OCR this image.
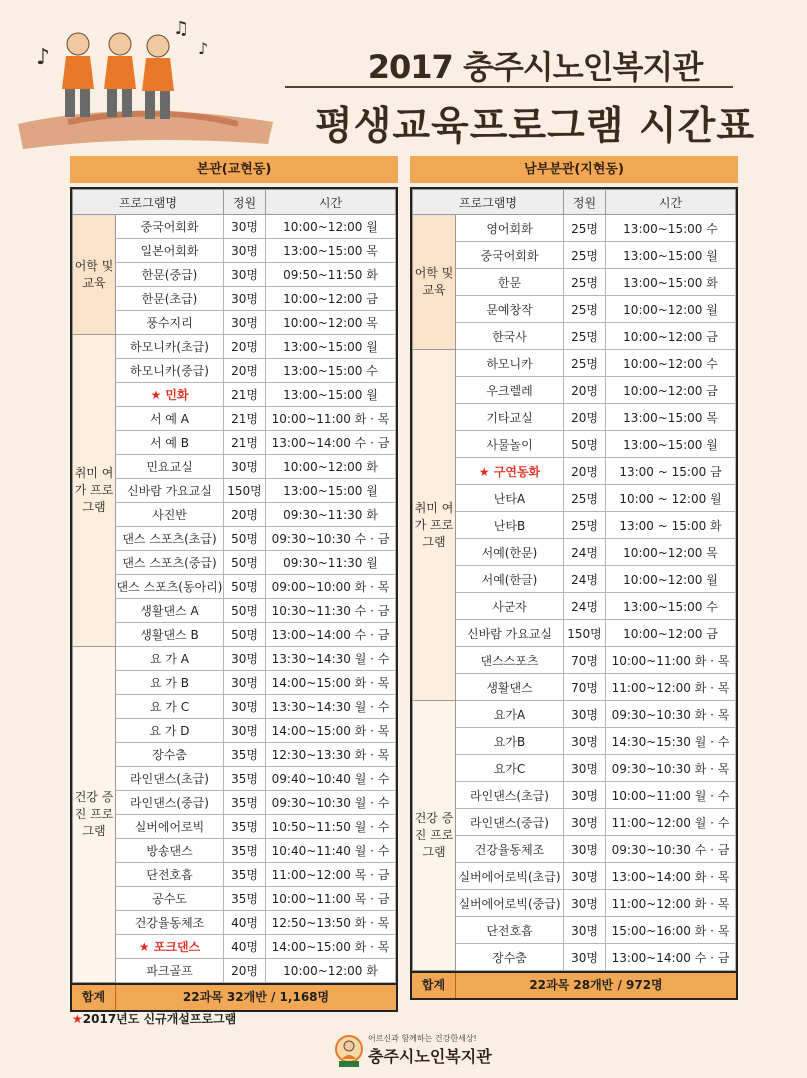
♪
♫
♪	2017 충주시노인복지관
평생교육프로그램 시간표
본관(교현동)
프로그램명		정원	시간
어학 및 교육	중국어회화	30명	10:00~12:00 월
	일본어회화	30명	13:00~15:00 목
	한문(중급)	30명	09:50~11:50 화
	한문(초급)	30명	10:00~12:00 금
	풍수지리	30명	10:00~12:00 목
취미 여가 프로 그램	하모니카(초급)	20명	13:00~15:00 월
	하모니카(중급)	20명	13:00~15:00 수
	★ 민화	21명	13:00~15:00 월
	서 예 A	21명	10:00~11:00 화 · 목
	서 예 B	21명	13:00~14:00 수 · 금
	민요교실	30명	10:00~12:00 화
	신바람 가요교실	150명	13:00~15:00 월
	사진반	20명	09:30~11:30 화
	댄스 스포츠(초급)	50명	09:30~10:30 수 · 금
	댄스 스포츠(중급)	50명	09:30~11:30 월
	댄스 스포츠(동아리)	50명	09:00~10:00 화 · 목
	생활댄스 A	50명	10:30~11:30 수 · 금
	생활댄스 B	50명	13:00~14:00 수 · 금
건강 증진 프로 그램	요 가 A	30명	13:30~14:30 월 · 수
	요 가 B	30명	14:00~15:00 화 · 목
	요 가 C	30명	13:30~14:30 월 · 수
	요 가 D	30명	14:00~15:00 화 · 목
	장수춤	35명	12:30~13:30 화 · 목
	라인댄스(초급)	35명	09:40~10:40 월 · 수
	라인댄스(중급)	35명	09:30~10:30 월 · 수
	실버에어로빅	35명	10:50~11:50 월 · 수
	방송댄스	35명	10:40~11:40 월 · 수
	단전호흡	35명	11:00~12:00 목 · 금
	공수도	35명	10:00~11:00 목 · 금
	건강율동체조	40명	12:50~13:50 화 · 목
	★ 포크댄스	40명	14:00~15:00 화 · 목
	파크골프	20명	10:00~12:00 화
합계	22과목 32개반 / 1,168명
남부분관(지현동)
프로그램명		정원	시간
어학 및 교육	영어회화	25명	13:00~15:00 수
	중국어회화	25명	13:00~15:00 월
	한문	25명	13:00~15:00 화
	문예창작	25명	10:00~12:00 월
	한국사	25명	10:00~12:00 금
취미 여가 프로 그램	하모니카	25명	10:00~12:00 수
	우크렐레	20명	10:00~12:00 금
	기타교실	20명	13:00~15:00 목
	사물놀이	50명	13:00~15:00 월
	★ 구연동화	20명	13:00 ~ 15:00 금
	난타A	25명	10:00 ~ 12:00 월
	난타B	25명	13:00 ~ 15:00 화
	서예(한문)	24명	10:00~12:00 목
	서예(한글)	24명	10:00~12:00 월
	사군자	24명	13:00~15:00 수
	신바람 가요교실	150명	10:00~12:00 금
	댄스스포츠	70명	10:00~11:00 화 · 목
	생활댄스	70명	11:00~12:00 화 · 목
건강 증진 프로 그램	요가A	30명	09:30~10:30 화 · 목
	요가B	30명	14:30~15:30 월 · 수
	요가C	30명	09:30~10:30 화 · 목
	라인댄스(초급)	30명	10:00~11:00 월 · 수
	라인댄스(중급)	30명	11:00~12:00 월 · 수
	건강율동체조	30명	09:30~10:30 수 · 금
	실버에어로빅(초급)	30명	13:00~14:00 화 · 목
	실버에어로빅(중급)	30명	11:00~12:00 화 · 목
	단전호흡	30명	15:00~16:00 화 · 목
	장수춤	30명	13:00~14:00 수 · 금
합계	22과목 28개반 / 972명
★2017년도 신규개설프로그램
어르신과 함께하는 건강한세상!
충주시노인복지관
